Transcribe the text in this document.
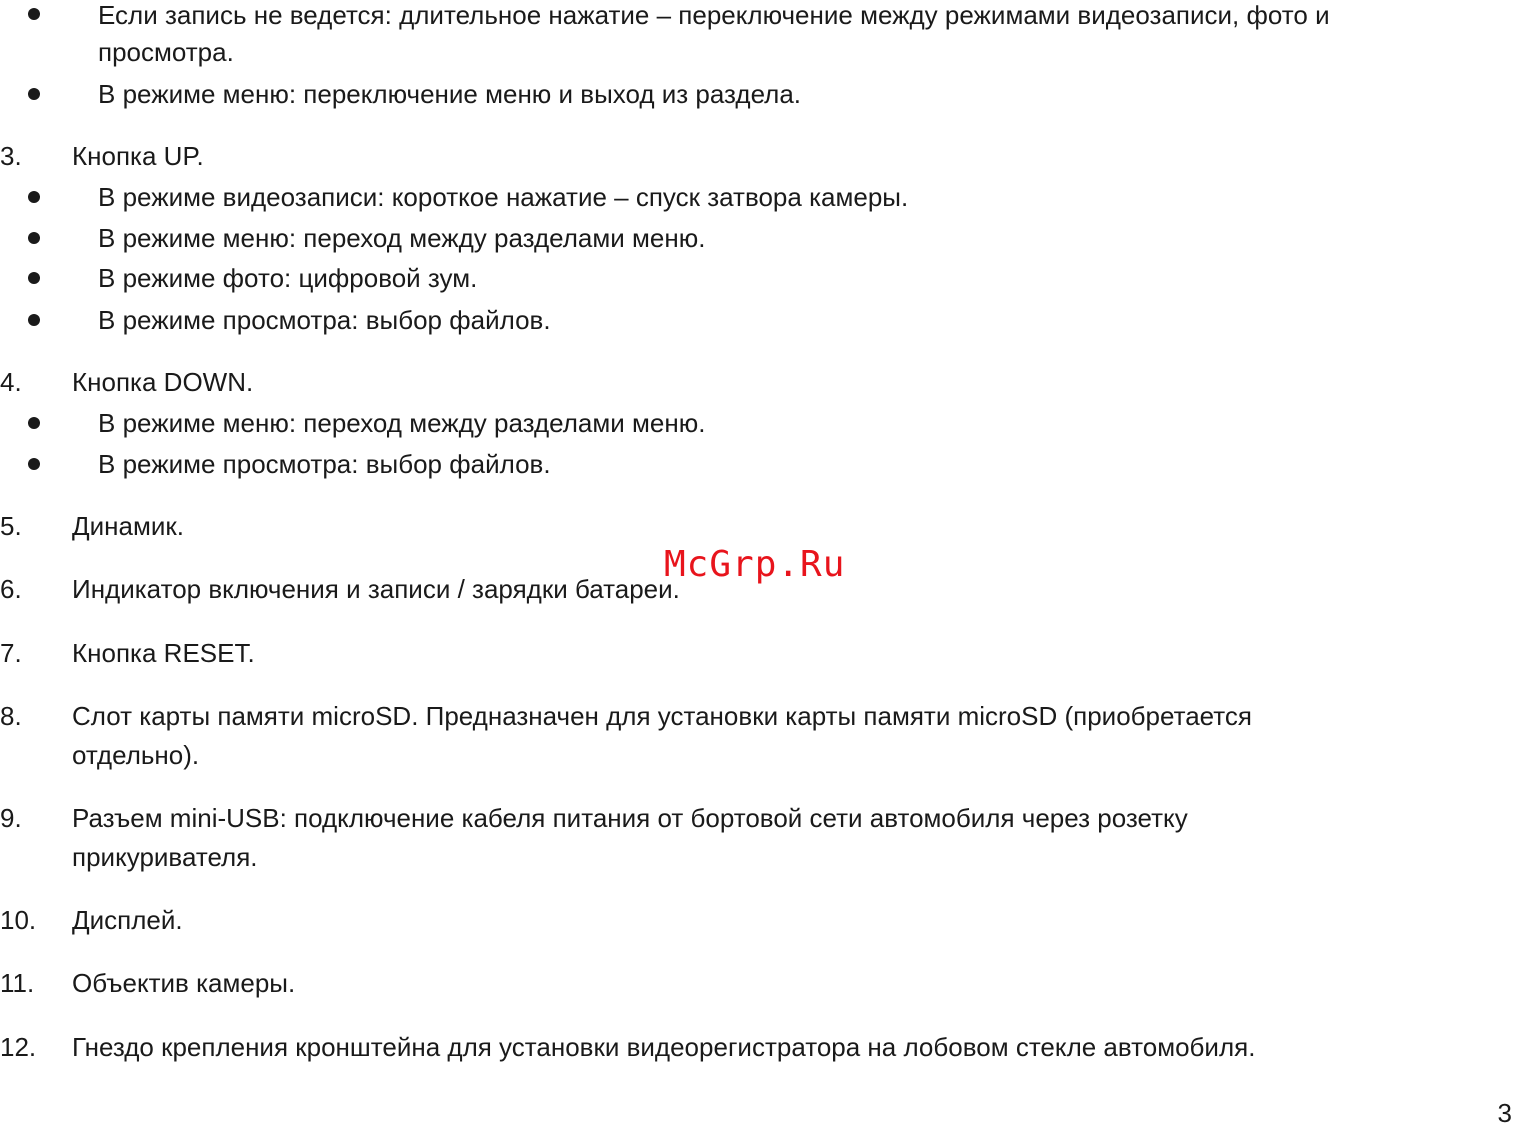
Если запись не ведется: длительное нажатие – переключение между режимами видеозаписи, фото и
просмотра.
В режиме меню: переключение меню и выход из раздела.
3. Кнопка UP.
В режиме видеозаписи: короткое нажатие – спуск затвора камеры.
В режиме меню: переход между разделами меню.
В режиме фото: цифровой зум.
В режиме просмотра: выбор файлов.
4. Кнопка DOWN.
В режиме меню: переход между разделами меню.
В режиме просмотра: выбор файлов.
5. Динамик.
6. Индикатор включения и записи / зарядки батареи.
7. Кнопка RESET.
8. Слот карты памяти microSD. Предназначен для установки карты памяти microSD (приобретается
отдельно).
9. Разъем mini-USB: подключение кабеля питания от бортовой сети автомобиля через розетку
прикуривателя.
10. Дисплей.
11. Объектив камеры.
12. Гнездо крепления кронштейна для установки видеорегистратора на лобовом стекле автомобиля.
McGrp.Ru
3
